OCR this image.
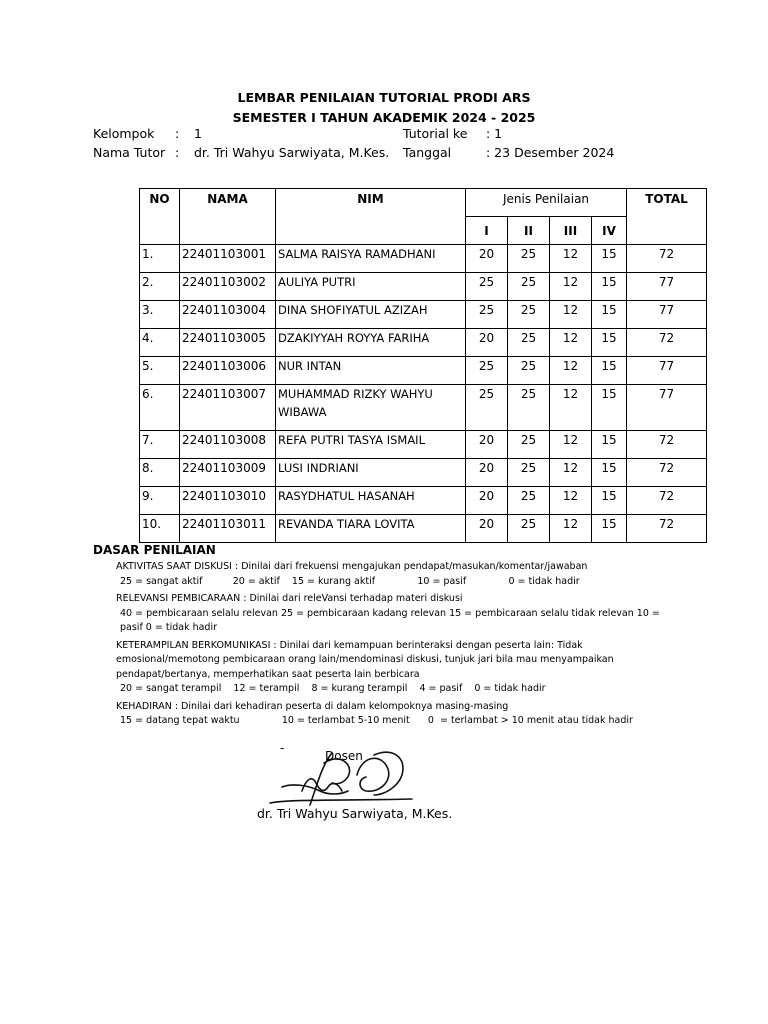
LEMBAR PENILAIAN TUTORIAL PRODI ARS
SEMESTER I TAHUN AKADEMIK 2024 - 2025
Kelompok : 1	Tutorial ke : 1
Nama Tutor : dr. Tri Wahyu Sarwiyata, M.Kes. Tanggal	: 23 Desember 2024
NO	NAMA	NIM	Jenis Penilaian				TOTAL
			I	II	III	IV	
1.	22401103001	SALMA RAISYA RAMADHANI	20	25	12	15	72
2.	22401103002	AULIYA PUTRI	25	25	12	15	77
3.	22401103004	DINA SHOFIYATUL AZIZAH	25	25	12	15	77
4.	22401103005	DZAKIYYAH ROYYA FARIHA	20	25	12	15	72
5.	22401103006	NUR INTAN	25	25	12	15	77
6.	22401103007	MUHAMMAD RIZKY WAHYU WIBAWA	25	25	12	15	77
7.	22401103008	REFA PUTRI TASYA ISMAIL	20	25	12	15	72
8.	22401103009	LUSI INDRIANI	20	25	12	15	72
9.	22401103010	RASYDHATUL HASANAH	20	25	12	15	72
10.	22401103011	REVANDA TIARA LOVITA	20	25	12	15	72
DASAR PENILAIAN
AKTIVITAS SAAT DISKUSI : Dinilai dari frekuensi mengajukan pendapat/masukan/komentar/jawaban
25 = sangat aktif          20 = aktif    15 = kurang aktif              10 = pasif              0 = tidak hadir
RELEVANSI PEMBICARAAN : Dinilai dari releVansi terhadap materi diskusi
40 = pembicaraan selalu relevan 25 = pembicaraan kadang relevan 15 = pembicaraan selalu tidak relevan 10 = pasif 0 = tidak hadir
KETERAMPILAN BERKOMUNIKASI : Dinilai dari kemampuan berinteraksi dengan peserta lain: Tidak emosional/memotong pembicaraan orang lain/mendominasi diskusi, tunjuk jari bila mau menyampaikan pendapat/bertanya, memperhatikan saat peserta lain berbicara
20 = sangat terampil    12 = terampil    8 = kurang terampil    4 = pasif    0 = tidak hadir
KEHADIRAN : Dinilai dari kehadiran peserta di dalam kelompoknya masing-masing
15 = datang tepat waktu              10 = terlambat 5-10 menit      0  = terlambat > 10 menit atau tidak hadir
-
Dosen
dr. Tri Wahyu Sarwiyata, M.Kes.
